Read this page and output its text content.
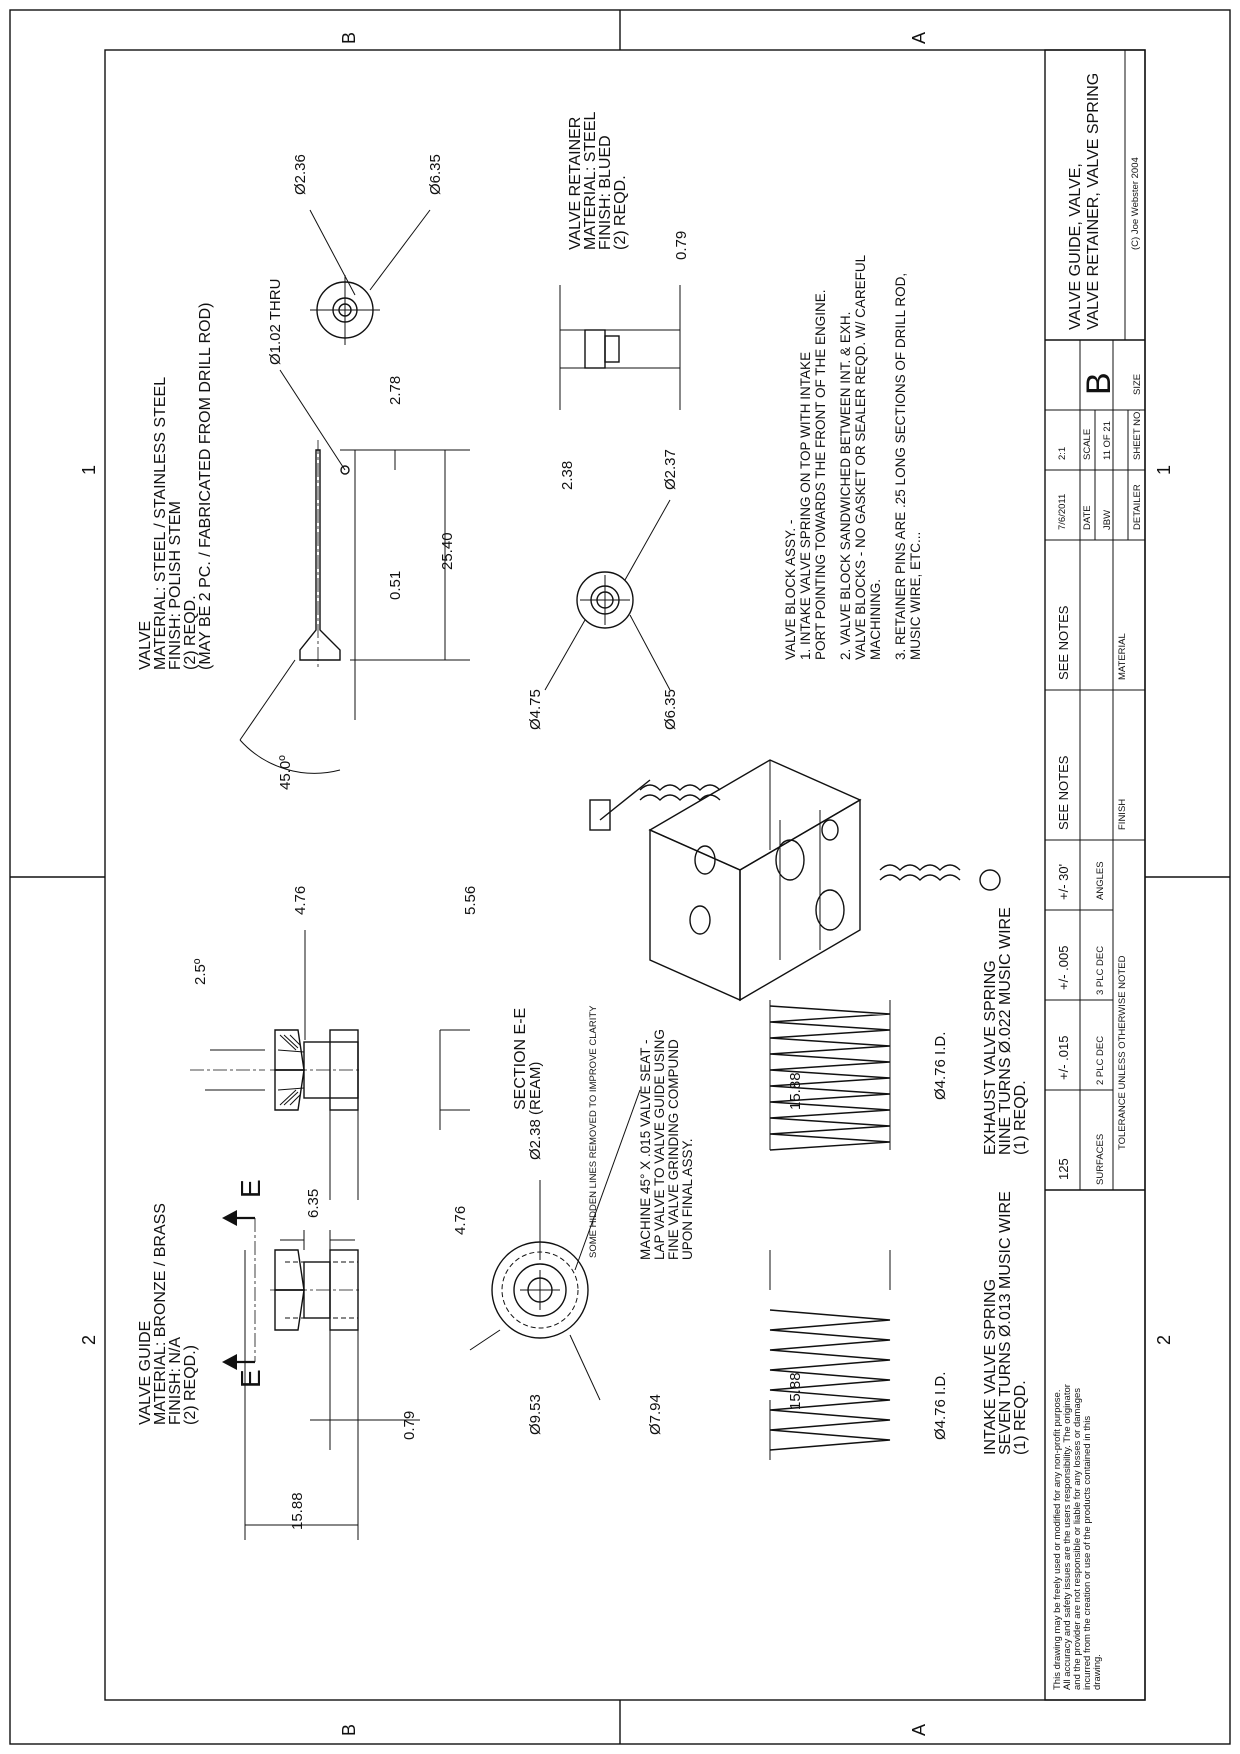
2
1
2
1
B	A
B	A
VALVE GUIDE
MATERIAL: BRONZE / BRASS
FINISH: N/A
(2) REQD.)
E
E
15.88
0.79
6.35
Ø9.53	Ø7.94
Ø2.38 (REAM)	SOME HIDDEN LINES REMOVED TO IMPROVE CLARITY	MACHINE 45° X .015 VALVE SEAT - LAP VALVE TO VALVE GUIDE USING FINE VALVE GRINDING COMPUND UPON FINAL ASSY.
2.5º
4.76	5.56
4.76
SECTION E-E
VALVE
MATERIAL: STEEL / STAINLESS STEEL
FINISH: POLISH STEM
(2) REQD.
(MAY BE 2 PC. / FABRICATED FROM DRILL ROD)
45.0º
0.51
25.40
2.78
Ø1.02 THRU
Ø2.36	Ø6.35	VALVE RETAINER
MATERIAL: STEEL
FINISH: BLUED
(2) REQD.	0.79
2.38
Ø4.75
Ø2.37
Ø6.35
VALVE BLOCK ASSY. - 1. INTAKE VALVE SPRING ON TOP WITH INTAKE PORT POINTING TOWARDS THE FRONT OF THE ENGINE. 2. VALVE BLOCK SANDWICHED BETWEEN INT. & EXH. VALVE BLOCKS - NO GASKET OR SEALER REQD. W/ CAREFUL MACHINING. 3. RETAINER PINS ARE .25 LONG SECTIONS OF DRILL ROD, MUSIC WIRE, ETC...
INTAKE VALVE SPRING
SEVEN TURNS Ø.013 MUSIC WIRE
(1) REQD.
15.88	Ø4.76 I.D.
EXHAUST VALVE SPRING
NINE TURNS Ø.022 MUSIC WIRE
(1) REQD.
15.88	Ø4.76 I.D.
This drawing may be freely used or modified for any non-profit purpose. All accuracy and safety issues are the users responsibility. The originator and the provider are not responsible or liable for any losses or damages incurred from the creation or use of the products contained in this drawing.
125	SURFACES
+/- .015	2 PLC DEC
+/- .005	3 PLC DEC
+/- 30'	ANGLES
TOLERANCE UNLESS OTHERWISE NOTED
SEE NOTES	FINISH
SEE NOTES	MATERIAL
7/6/2011 DATE JBW DETAILER
2:1 SCALE 11 OF 21 SHEET NO.
B SIZE
VALVE GUIDE, VALVE, VALVE RETAINER, VALVE SPRING	(C) Joe Webster 2004
